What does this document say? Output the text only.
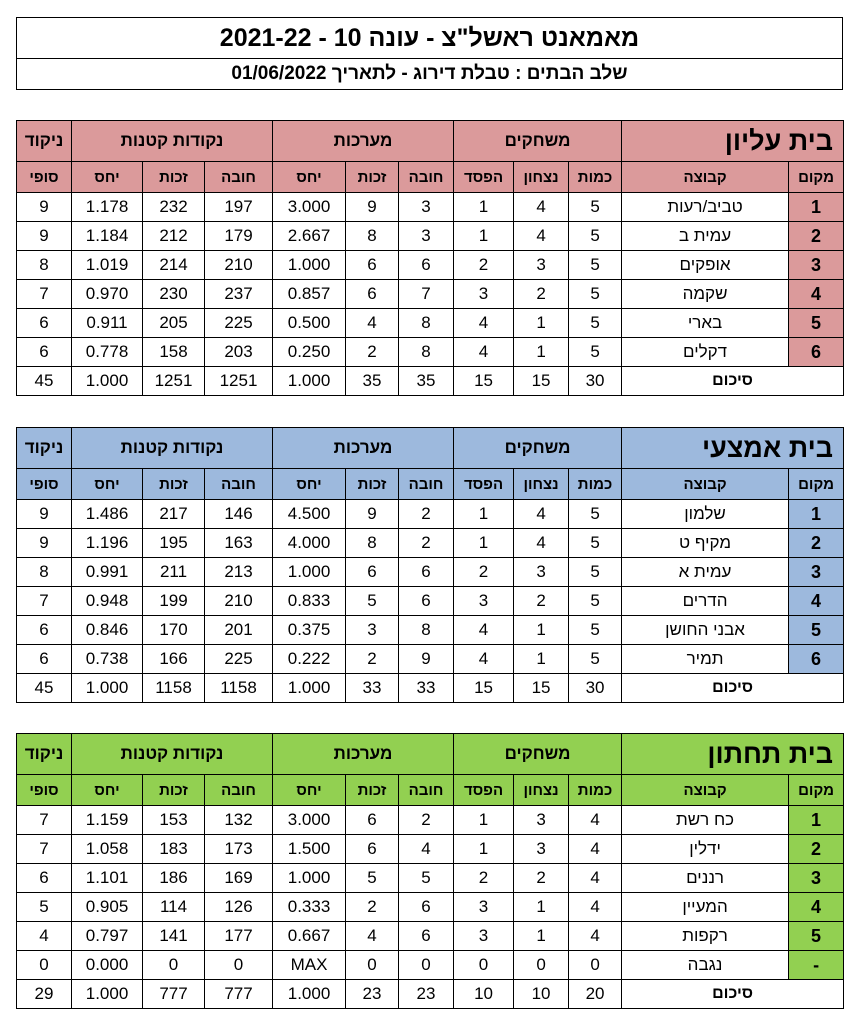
מאמאנט ראשל"צ - עונה 10 - 2021-22
שלב הבתים : טבלת דירוג - לתאריך 01/06/2022
בית עליון		משחקים			מערכות			נקודות קטנות			ניקוד
מקום	קבוצה	כמות	נצחון	הפסד	חובה	זכות	יחס	חובה	זכות	יחס	סופי
1	טביב/רעות	5	4	1	3	9	3.000	197	232	1.178	9
2	עמית ב	5	4	1	3	8	2.667	179	212	1.184	9
3	אופקים	5	3	2	6	6	1.000	210	214	1.019	8
4	שקמה	5	2	3	7	6	0.857	237	230	0.970	7
5	בארי	5	1	4	8	4	0.500	225	205	0.911	6
6	דקלים	5	1	4	8	2	0.250	203	158	0.778	6
סיכום		30	15	15	35	35	1.000	1251	1251	1.000	45
בית אמצעי		משחקים			מערכות			נקודות קטנות			ניקוד
מקום	קבוצה	כמות	נצחון	הפסד	חובה	זכות	יחס	חובה	זכות	יחס	סופי
1	שלמון	5	4	1	2	9	4.500	146	217	1.486	9
2	מקיף ט	5	4	1	2	8	4.000	163	195	1.196	9
3	עמית א	5	3	2	6	6	1.000	213	211	0.991	8
4	הדרים	5	2	3	6	5	0.833	210	199	0.948	7
5	אבני החושן	5	1	4	8	3	0.375	201	170	0.846	6
6	תמיר	5	1	4	9	2	0.222	225	166	0.738	6
סיכום		30	15	15	33	33	1.000	1158	1158	1.000	45
בית תחתון		משחקים			מערכות			נקודות קטנות			ניקוד
מקום	קבוצה	כמות	נצחון	הפסד	חובה	זכות	יחס	חובה	זכות	יחס	סופי
1	כח רשת	4	3	1	2	6	3.000	132	153	1.159	7
2	ידלין	4	3	1	4	6	1.500	173	183	1.058	7
3	רננים	4	2	2	5	5	1.000	169	186	1.101	6
4	המעיין	4	1	3	6	2	0.333	126	114	0.905	5
5	רקפות	4	1	3	6	4	0.667	177	141	0.797	4
-	נגבה	0	0	0	0	0	MAX	0	0	0.000	0
סיכום		20	10	10	23	23	1.000	777	777	1.000	29
